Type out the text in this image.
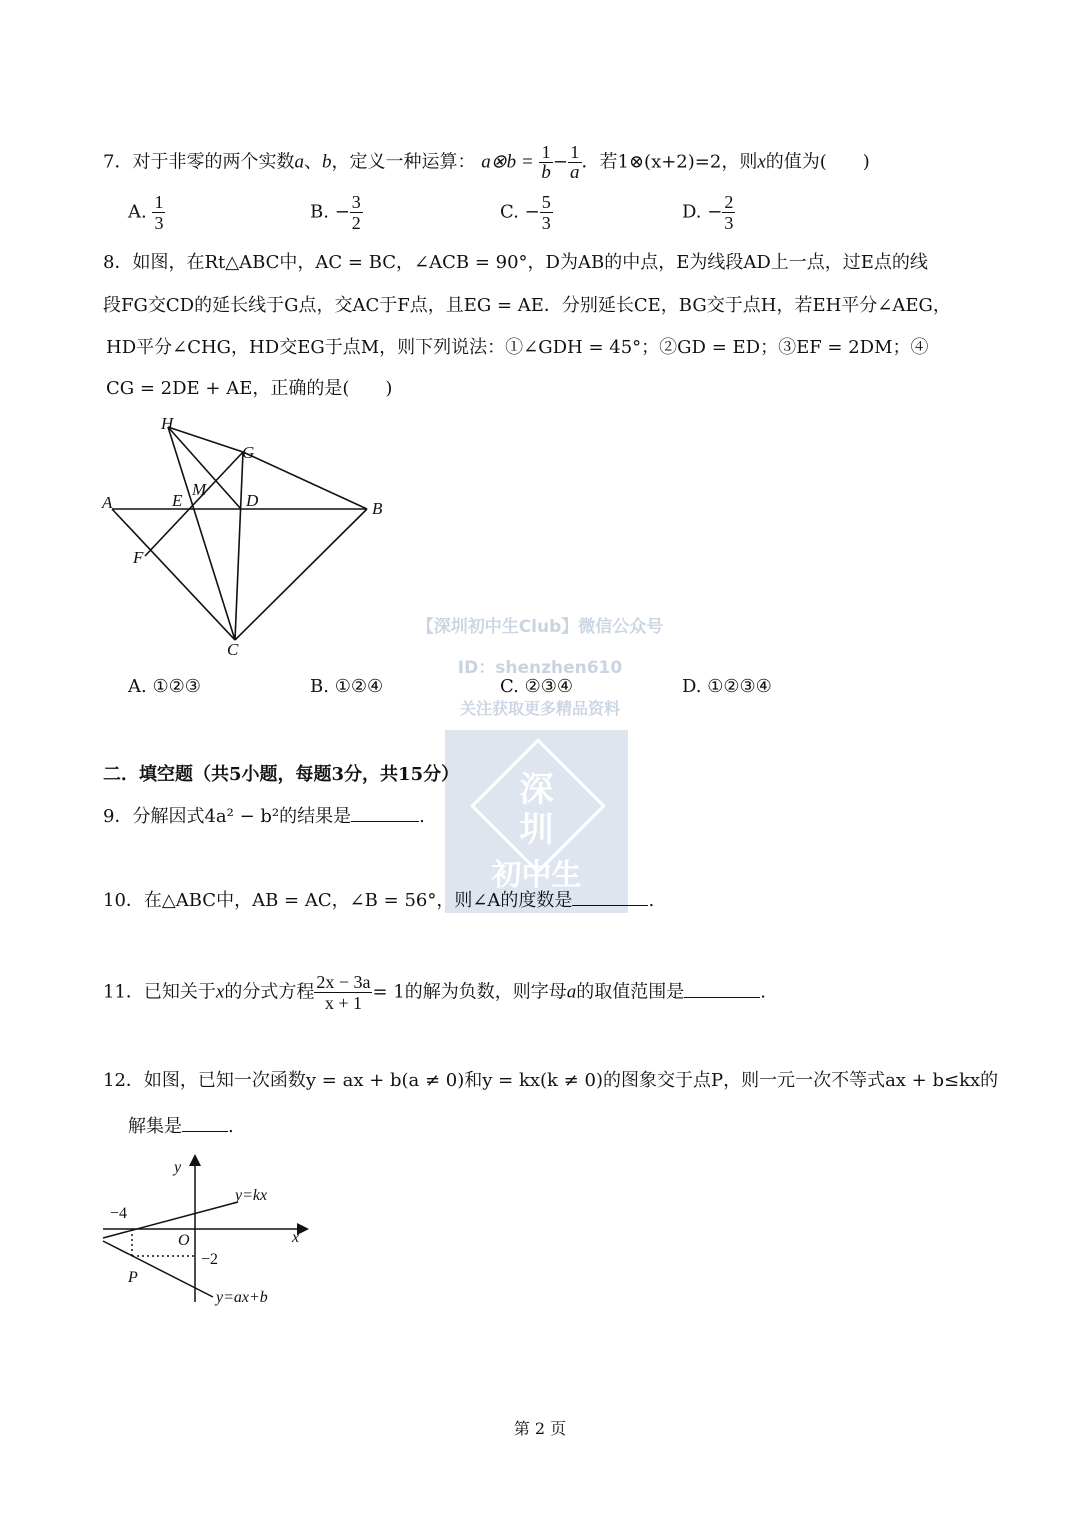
7．对于非零的两个实数a、b，定义一种运算： a⊗b = $\frac{1}{b} - \frac{1}{a}$ ．若1⊗(x+2)=2，则x的值为(　　)
A. $\frac{1}{3}$	B. − $\frac{3}{2}$	C. − $\frac{5}{3}$	D. − $\frac{2}{3}$
8．如图，在Rt△ABC中，AC = BC，∠ACB = 90°，D为AB的中点，E为线段AD上一点，过E点的线
段FG交CD的延长线于G点，交AC于F点，且EG = AE．分别延长CE，BG交于点H，若EH平分∠AEG，
HD平分∠CHG，HD交EG于点M，则下列说法：①∠GDH = 45°；②GD = ED；③EF = 2DM；④
CG = 2DE + AE，正确的是(　　)
H
G
A	E
M
D	B
F
C
【深圳初中生Club】微信公众号
ID：shenzhen610
关注获取更多精品资料
深
圳
初中生
A. ①②③	B. ①②④	C. ②③④	D. ①②③④
二．填空题（共5小题，每题3分，共15分）
9．分解因式4a² − b²的结果是	.
10．在△ABC中，AB = AC，∠B = 56°，则∠A的度数是	.
11．已知关于x的分式方程 $\frac{2x - 3a}{x + 1} = 1$的解为负数，则字母a的取值范围是	.
12．如图，已知一次函数y = ax + b(a ≠ 0)和y = kx(k ≠ 0)的图象交于点P，则一元一次不等式ax + b≤kx的
解集是	.
y
x
O
−4
−2
P
y=kx
y=ax+b
第 2 页
